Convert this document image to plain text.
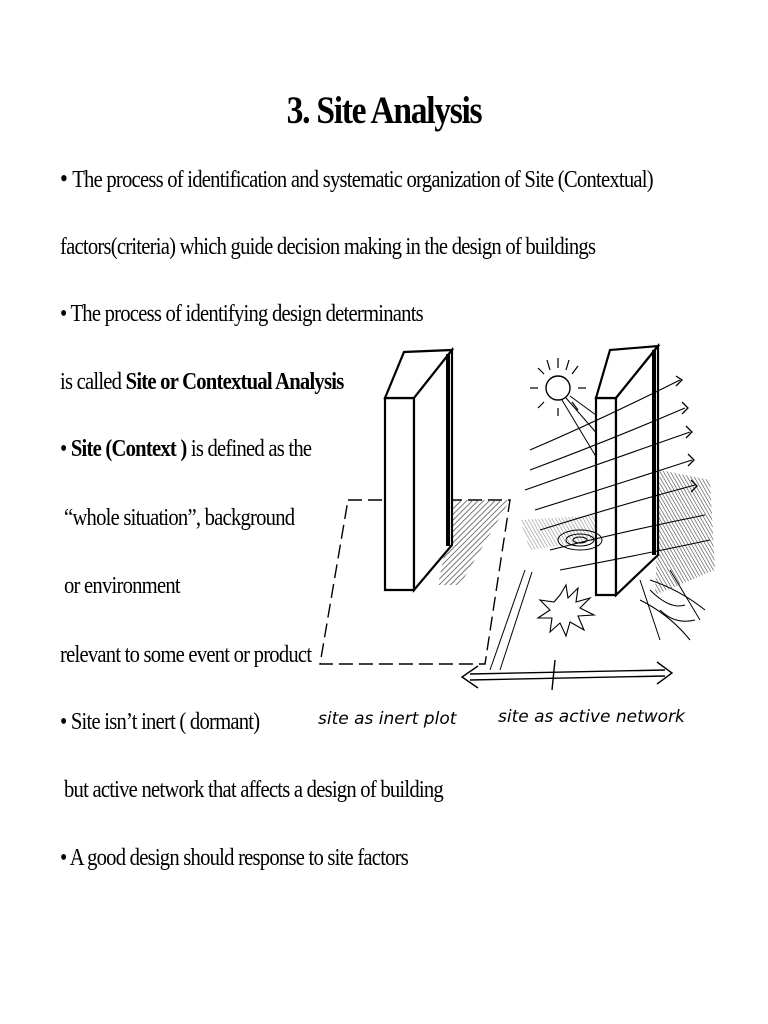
3. Site Analysis
• The process of identification and systematic organization of Site (Contextual)
factors(criteria) which guide decision making in the design of buildings
• The process of identifying design determinants
is called Site or Contextual Analysis
• Site (Context ) is defined as the
“whole situation”, background
or environment
relevant to some event or product
• Site isn’t inert ( dormant)
but active network that affects a design of building
• A good design should response to site factors
site as inert plot site as active network
